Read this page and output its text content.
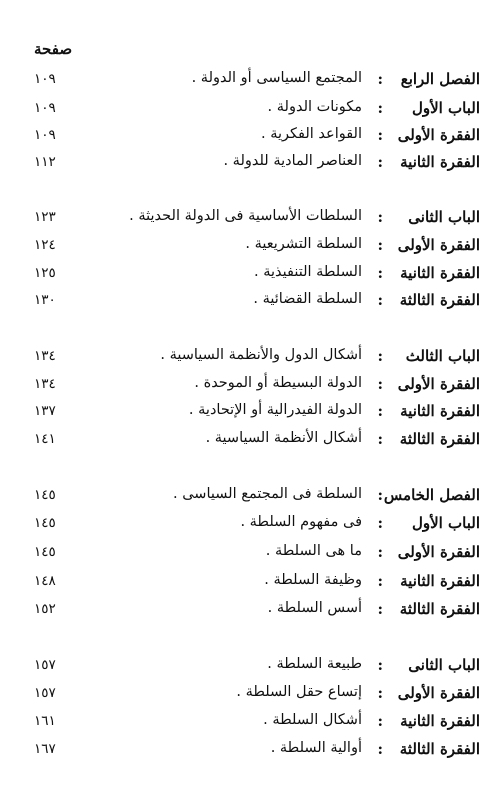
صفحة
الفصل الرابع
:
المجتمع السياسى أو الدولة .
١٠٩
الباب الأول
:
مكونات الدولة .
١٠٩
الفقرة الأولى
:
القواعد الفكرية .
١٠٩
الفقرة الثانية
:
العناصر المادية للدولة .
١١٢
الباب الثانى
:
السلطات الأساسية فى الدولة الحديثة .
١٢٣
الفقرة الأولى
:
السلطة التشريعية .
١٢٤
الفقرة الثانية
:
السلطة التنفيذية .
١٢٥
الفقرة الثالثة
:
السلطة القضائية .
١٣٠
الباب الثالث
:
أشكال الدول والأنظمة السياسية .
١٣٤
الفقرة الأولى
:
الدولة البسيطة أو الموحدة .
١٣٤
الفقرة الثانية
:
الدولة الفيدرالية أو الإتحادية .
١٣٧
الفقرة الثالثة
:
أشكال الأنظمة السياسية .
١٤١
الفصل الخامس
:
السلطة فى المجتمع السياسى .
١٤٥
الباب الأول
:
فى مفهوم السلطة .
١٤٥
الفقرة الأولى
:
ما هى السلطة .
١٤٥
الفقرة الثانية
:
وظيفة السلطة .
١٤٨
الفقرة الثالثة
:
أسس السلطة .
١٥٢
الباب الثانى
:
طبيعة السلطة .
١٥٧
الفقرة الأولى
:
إتساع حقل السلطة .
١٥٧
الفقرة الثانية
:
أشكال السلطة .
١٦١
الفقرة الثالثة
:
أوالية السلطة .
١٦٧
